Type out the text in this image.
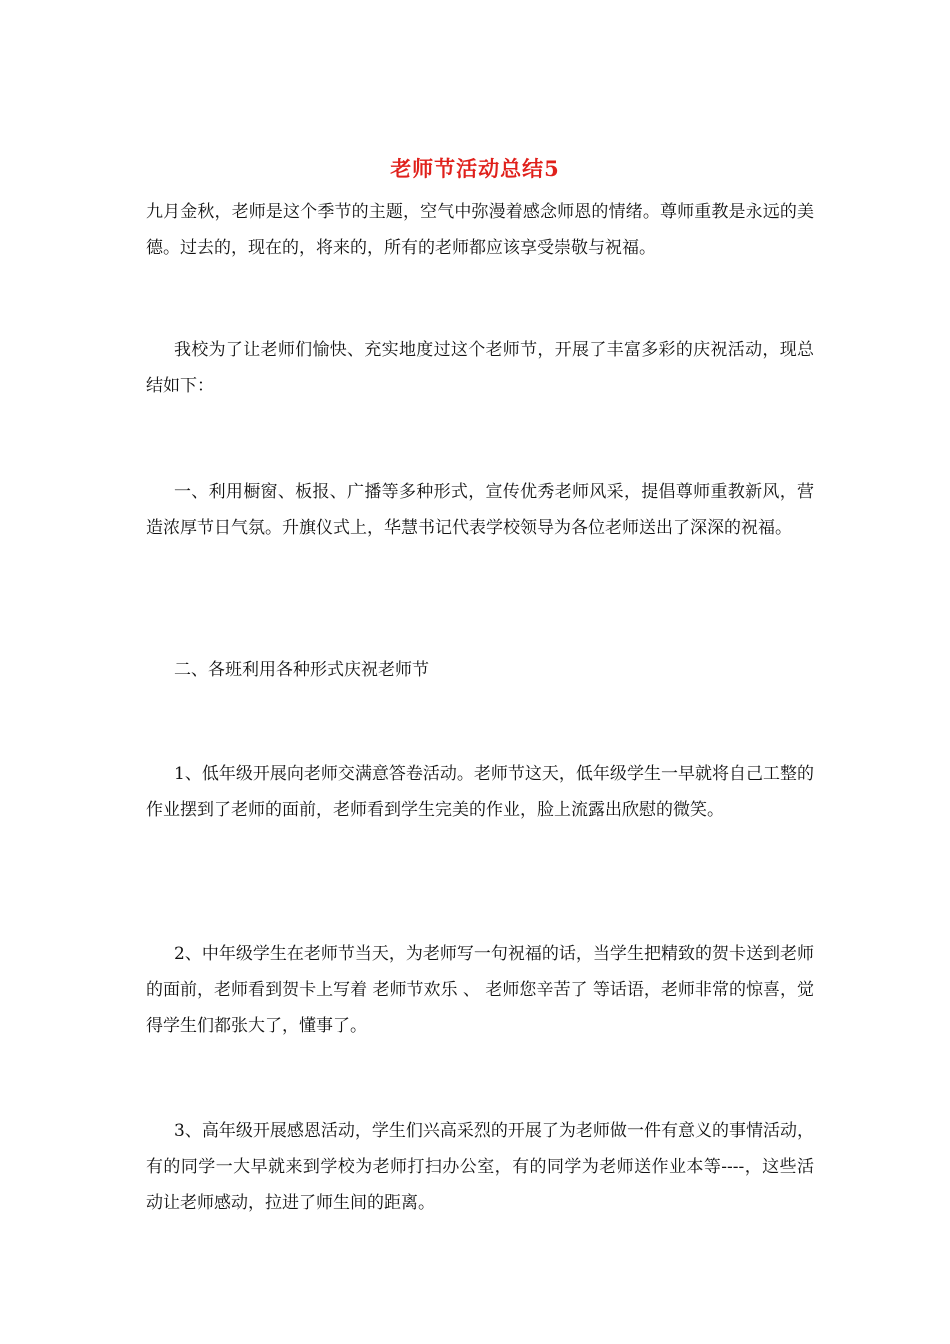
老师节活动总结5

九月金秋，老师是这个季节的主题，空气中弥漫着感念师恩的情绪。尊师重教是永远的美德。过去的，现在的，将来的，所有的老师都应该享受崇敬与祝福。

我校为了让老师们愉快、充实地度过这个老师节，开展了丰富多彩的庆祝活动，现总结如下：

一、利用橱窗、板报、广播等多种形式，宣传优秀老师风采，提倡尊师重教新风，营造浓厚节日气氛。升旗仪式上，华慧书记代表学校领导为各位老师送出了深深的祝福。

二、各班利用各种形式庆祝老师节

1、低年级开展向老师交满意答卷活动。老师节这天，低年级学生一早就将自己工整的作业摆到了老师的面前，老师看到学生完美的作业，脸上流露出欣慰的微笑。

2、中年级学生在老师节当天，为老师写一句祝福的话，当学生把精致的贺卡送到老师的面前，老师看到贺卡上写着 老师节欢乐 、 老师您辛苦了 等话语，老师非常的惊喜，觉得学生们都张大了，懂事了。

3、高年级开展感恩活动，学生们兴高采烈的开展了为老师做一件有意义的事情活动，有的同学一大早就来到学校为老师打扫办公室，有的同学为老师送作业本等----，这些活动让老师感动，拉进了师生间的距离。
